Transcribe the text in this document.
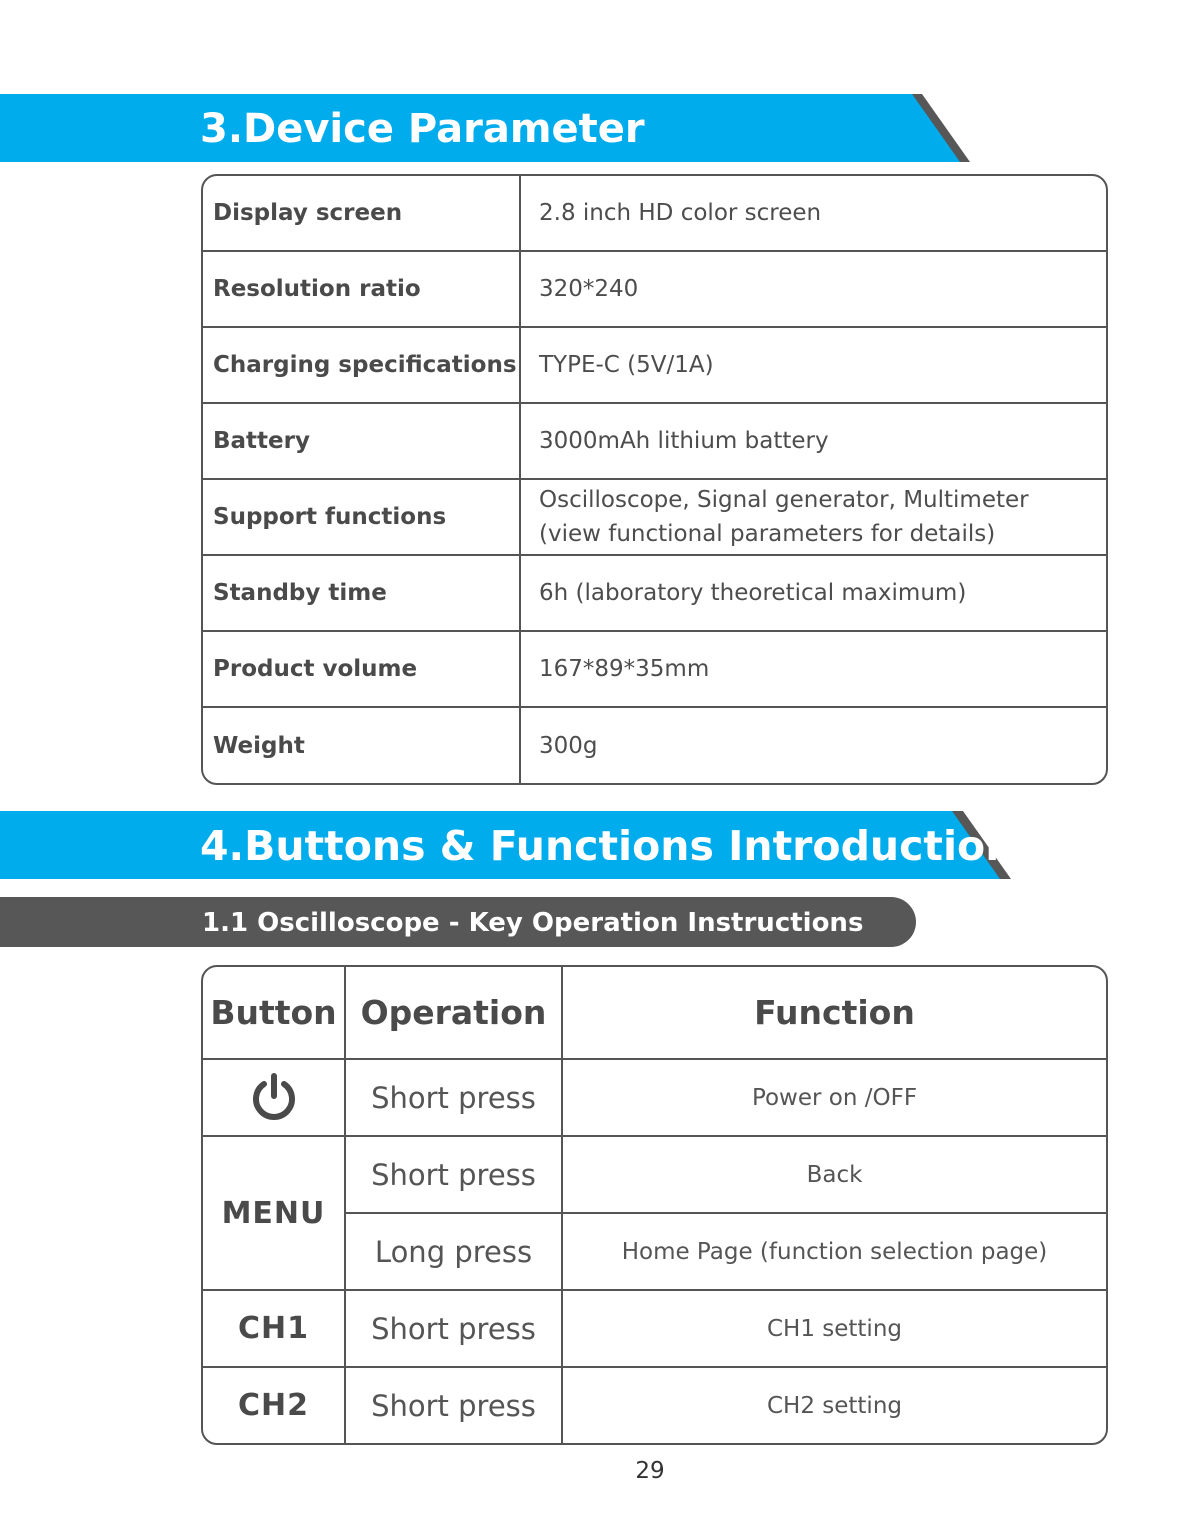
3.Device Parameter
Display screen	2.8 inch HD color screen

Resolution ratio	320*240

Charging specifications	TYPE-C (5V/1A)

Battery	3000mAh lithium battery

Support functions	Oscilloscope, Signal generator, Multimeter
(view functional parameters for details)

Standby time	6h (laboratory theoretical maximum)

Product volume	167*89*35mm

Weight	300g
4.Buttons & Functions Introduction
1.1 Oscilloscope - Key Operation Instructions
Button	Operation	Function
	Short press	Power on /OFF
MENU	Short press	Back
	Long press	Home Page (function selection page)
CH1	Short press	CH1 setting
CH2	Short press	CH2 setting
29
